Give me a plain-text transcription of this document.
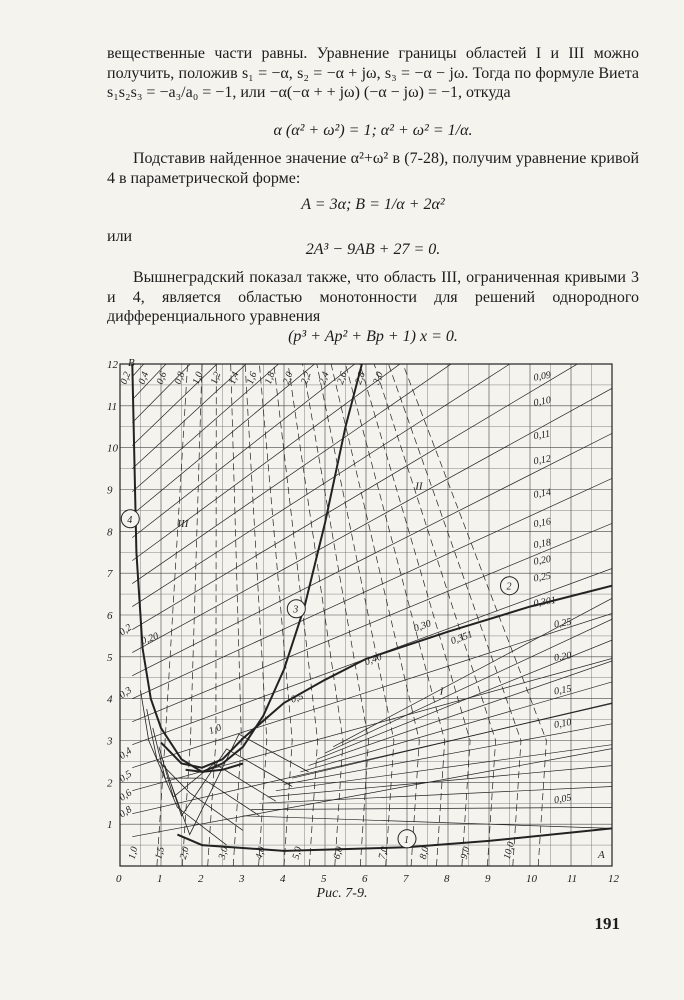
вещественные части равны. Уравнение границы областей I и III можно получить, положив s₁ = −α, s₂ = −α + jω, s₃ = −α − jω. Тогда по формуле Виета s₁s₂s₃ = −a₃/a₀ = −1, или −α(−α + + jω) (−α − jω) = −1, откуда
α (α² + ω²) = 1; α² + ω² = 1/α.
Подставив найденное значение α²+ω² в (7-28), получим уравнение кривой 4 в параметрической форме:
A = 3α; B = 1/α + 2α²
или
2A³ − 9AB + 27 = 0.
Вышнеградский показал также, что область III, ограниченная кривыми 3 и 4, является областью монотонности для решений однородного дифференциального уравнения
(p³ + Ap² + Bp + 1) x = 0.
0	1	2	3	4	5	6	7	8	9	10	11	12
1
2
3
4
5
6
7
8
9
10
11
12 B
A
1
2
3
4
I
II
III
0,2 0,4 0,6 0,8 1,0 1,2 1,4 1,6 1,8 2,0 2,2 2,4 2,6 2,8 3,0
1,0 1,5 2,0	3,0 4,0 5,0	6,0	7,0	8,0	9,0	10,0
0,2
0,3
0,4
0,5
0,6
0,8
0,09
0,10
0,11
0,12
0,14
0,16
0,18
0,20
0,25
0,301
0,25
0,20
0,15
0,10
0,05
0,20
0,30
0,351
0,40
0,5
1,0
Рис. 7-9.
191
